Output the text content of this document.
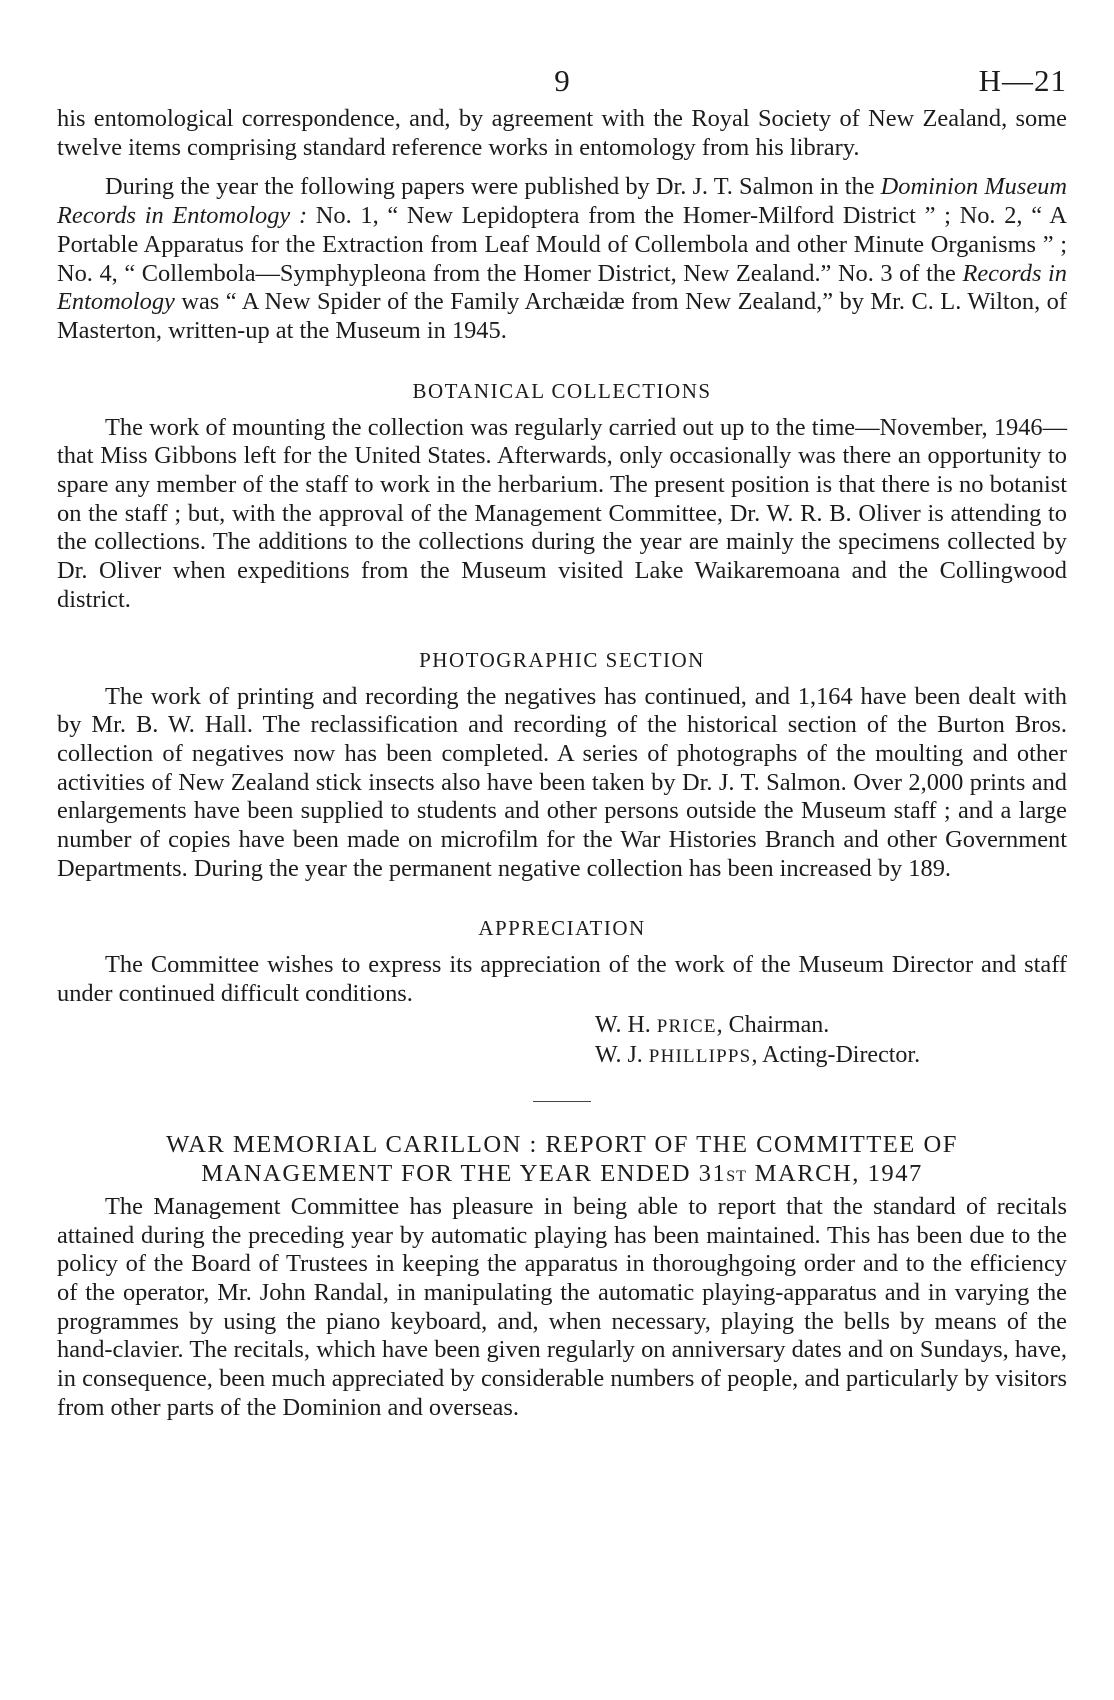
9	H—21

his entomological correspondence, and, by agreement with the Royal Society of New Zealand, some twelve items comprising standard reference works in entomology from his library.

During the year the following papers were published by Dr. J. T. Salmon in the Dominion Museum Records in Entomology : No. 1, “ New Lepidoptera from the Homer-Milford District ” ; No. 2, “ A Portable Apparatus for the Extraction from Leaf Mould of Collembola and other Minute Organisms ” ; No. 4, “ Collembola—Symphypleona from the Homer District, New Zealand.” No. 3 of the Records in Entomology was “ A New Spider of the Family Archæidæ from New Zealand,” by Mr. C. L. Wilton, of Masterton, written-up at the Museum in 1945.

BOTANICAL COLLECTIONS

The work of mounting the collection was regularly carried out up to the time—November, 1946—that Miss Gibbons left for the United States. Afterwards, only occasionally was there an opportunity to spare any member of the staff to work in the herbarium. The present position is that there is no botanist on the staff ; but, with the approval of the Management Committee, Dr. W. R. B. Oliver is attending to the collections. The additions to the collections during the year are mainly the specimens collected by Dr. Oliver when expeditions from the Museum visited Lake Waikaremoana and the Collingwood district.

PHOTOGRAPHIC SECTION

The work of printing and recording the negatives has continued, and 1,164 have been dealt with by Mr. B. W. Hall. The reclassification and recording of the historical section of the Burton Bros. collection of negatives now has been completed. A series of photographs of the moulting and other activities of New Zealand stick insects also have been taken by Dr. J. T. Salmon. Over 2,000 prints and enlargements have been supplied to students and other persons outside the Museum staff ; and a large number of copies have been made on microfilm for the War Histories Branch and other Government Departments. During the year the permanent negative collection has been increased by 189.

APPRECIATION

The Committee wishes to express its appreciation of the work of the Museum Director and staff under continued difficult conditions.

W. H. PRICE, Chairman.
W. J. PHILLIPPS, Acting-Director.
WAR MEMORIAL CARILLON : REPORT OF THE COMMITTEE OF
MANAGEMENT FOR THE YEAR ENDED 31ST MARCH, 1947

The Management Committee has pleasure in being able to report that the standard of recitals attained during the preceding year by automatic playing has been maintained. This has been due to the policy of the Board of Trustees in keeping the apparatus in thoroughgoing order and to the efficiency of the operator, Mr. John Randal, in manipulating the automatic playing-apparatus and in varying the programmes by using the piano keyboard, and, when necessary, playing the bells by means of the hand-clavier. The recitals, which have been given regularly on anniversary dates and on Sundays, have, in consequence, been much appreciated by considerable numbers of people, and particularly by visitors from other parts of the Dominion and overseas.
